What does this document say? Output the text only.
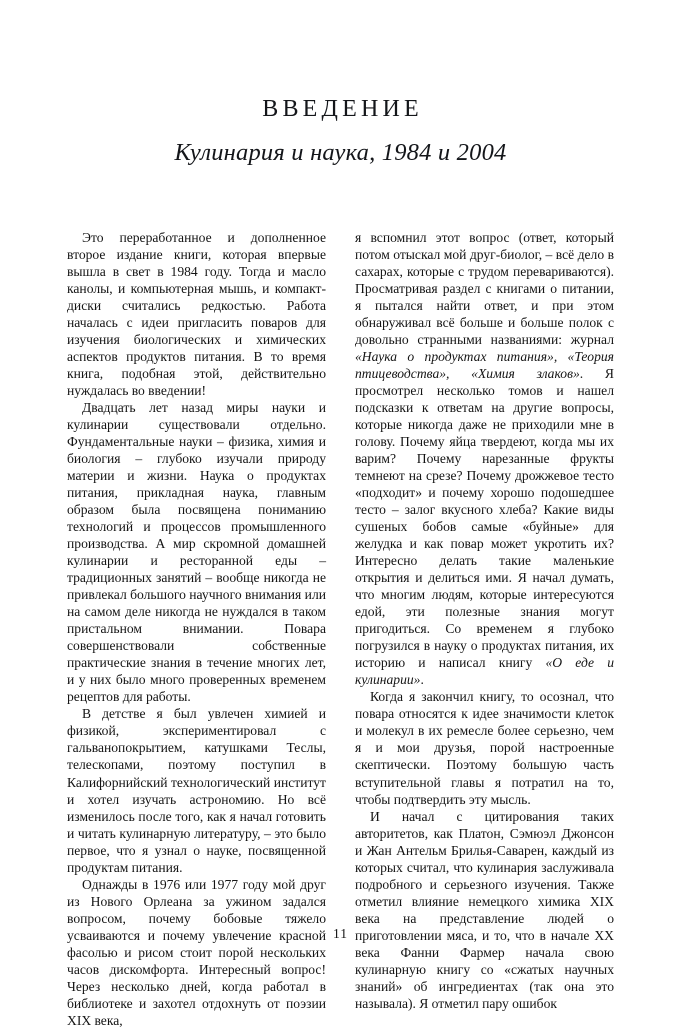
ВВЕДЕНИЕ
Кулинария и наука, 1984 и 2004

Это переработанное и дополненное второе издание книги, которая впервые вышла в свет в 1984 году. Тогда и масло канолы, и компьютерная мышь, и компакт-диски считались редкостью. Работа началась с идеи пригласить поваров для изучения биологических и химических аспектов продуктов питания. В то время книга, подобная этой, действительно нуждалась во введении!

Двадцать лет назад миры науки и кулинарии существовали отдельно. Фундаментальные науки – физика, химия и биология – глубоко изучали природу материи и жизни. Наука о продуктах питания, прикладная наука, главным образом была посвящена пониманию технологий и процессов промышленного производства. А мир скромной домашней кулинарии и ресторанной еды – традиционных занятий – вообще никогда не привлекал большого научного внимания или на самом деле никогда не нуждался в таком пристальном внимании. Повара совершенствовали собственные практические знания в течение многих лет, и у них было много проверенных временем рецептов для работы.

В детстве я был увлечен химией и физикой, экспериментировал с гальванопокрытием, катушками Теслы, телескопами, поэтому поступил в Калифорнийский технологический институт и хотел изучать астрономию. Но всё изменилось после того, как я начал готовить и читать кулинарную литературу, – это было первое, что я узнал о науке, посвященной продуктам питания.

Однажды в 1976 или 1977 году мой друг из Нового Орлеана за ужином задался вопросом, почему бобовые тяжело усваиваются и почему увлечение красной фасолью и рисом стоит порой нескольких часов дискомфорта. Интересный вопрос! Через несколько дней, когда работал в библиотеке и захотел отдохнуть от поэзии XIX века,

я вспомнил этот вопрос (ответ, который потом отыскал мой друг-биолог, – всё дело в сахарах, которые с трудом перевариваются). Просматривая раздел с книгами о питании, я пытался найти ответ, и при этом обнаруживал всё больше и больше полок с довольно странными названиями: журнал «Наука о продуктах питания», «Теория птицеводства», «Химия злаков». Я просмотрел несколько томов и нашел подсказки к ответам на другие вопросы, которые никогда даже не приходили мне в голову. Почему яйца твердеют, когда мы их варим? Почему нарезанные фрукты темнеют на срезе? Почему дрожжевое тесто «подходит» и почему хорошо подошедшее тесто – залог вкусного хлеба? Какие виды сушеных бобов самые «буйные» для желудка и как повар может укротить их? Интересно делать такие маленькие открытия и делиться ими. Я начал думать, что многим людям, которые интересуются едой, эти полезные знания могут пригодиться. Со временем я глубоко погрузился в науку о продуктах питания, их историю и написал книгу «О еде и кулинарии».

Когда я закончил книгу, то осознал, что повара относятся к идее значимости клеток и молекул в их ремесле более серьезно, чем я и мои друзья, порой настроенные скептически. Поэтому большую часть вступительной главы я потратил на то, чтобы подтвердить эту мысль.

И начал с цитирования таких авторитетов, как Платон, Сэмюэл Джонсон и Жан Антельм Брилья-Саварен, каждый из которых считал, что кулинария заслуживала подробного и серьезного изучения. Также отметил влияние немецкого химика XIX века на представление людей о приготовлении мяса, и то, что в начале XX века Фанни Фармер начала свою кулинарную книгу со «сжатых научных знаний» об ингредиентах (так она это называла). Я отметил пару ошибок

11
